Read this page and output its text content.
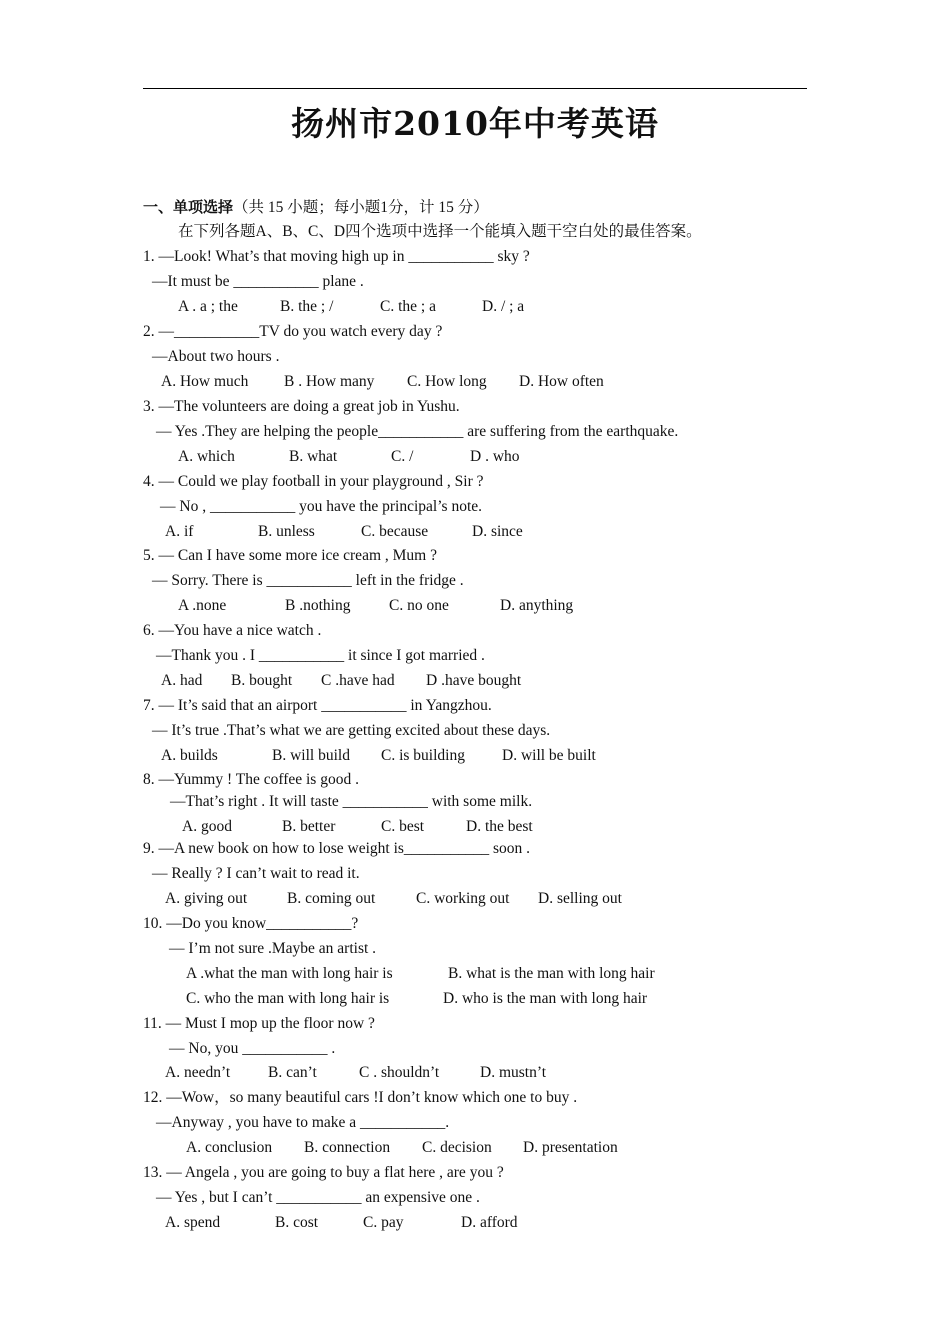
扬州市2010年中考英语
一、单项选择（共 15 小题；每小题1分，计 15 分）
在下列各题A、B、C、D四个选项中选择一个能填入题干空白处的最佳答案。
1. —Look! What’s that moving high up in ___________ sky ?
—It must be ___________ plane .
A . a ; the	B. the ; /	C. the ; a	D. / ; a
2. —___________TV do you watch every day ?
—About two hours .
A. How much B . How many C. How long D. How often
3. —The volunteers are doing a great job in Yushu.
— Yes .They are helping the people___________ are suffering from the earthquake.
A. which	B. what	C. /	D . who
4. — Could we play football in your playground , Sir ?
— No , ___________ you have the principal’s note.
A. if	B. unless	C. because	D. since
5. — Can I have some more ice cream , Mum ?
— Sorry. There is ___________ left in the fridge .
A .none	B .nothing C. no one	D. anything
6. —You have a nice watch .
—Thank you . I ___________ it since I got married .
A. had B. bought C .have had D .have bought
7. — It’s said that an airport ___________ in Yangzhou.
— It’s true .That’s what we are getting excited about these days.
A. builds	B. will build C. is building D. will be built
8. —Yummy ! The coffee is good .
—That’s right . It will taste ___________ with some milk.
A. good	B. better	C. best	D. the best
9. —A new book on how to lose weight is___________ soon .
— Really ? I can’t wait to read it.
A. giving out	B. coming out	C. working out D. selling out
10. —Do you know___________?
— I’m not sure .Maybe an artist .
A .what the man with long hair is	B. what is the man with long hair
C. who the man with long hair is	D. who is the man with long hair
11. — Must I mop up the floor now ?
— No, you ___________ .
A. needn’t B. can’t	C . shouldn’t	D. mustn’t
12. —Wow，so many beautiful cars !I don’t know which one to buy .
—Anyway , you have to make a ___________.
A. conclusion B. connection C. decision D. presentation
13. — Angela , you are going to buy a flat here , are you ?
— Yes , but I can’t ___________ an expensive one .
A. spend	B. cost	C. pay	D. afford
